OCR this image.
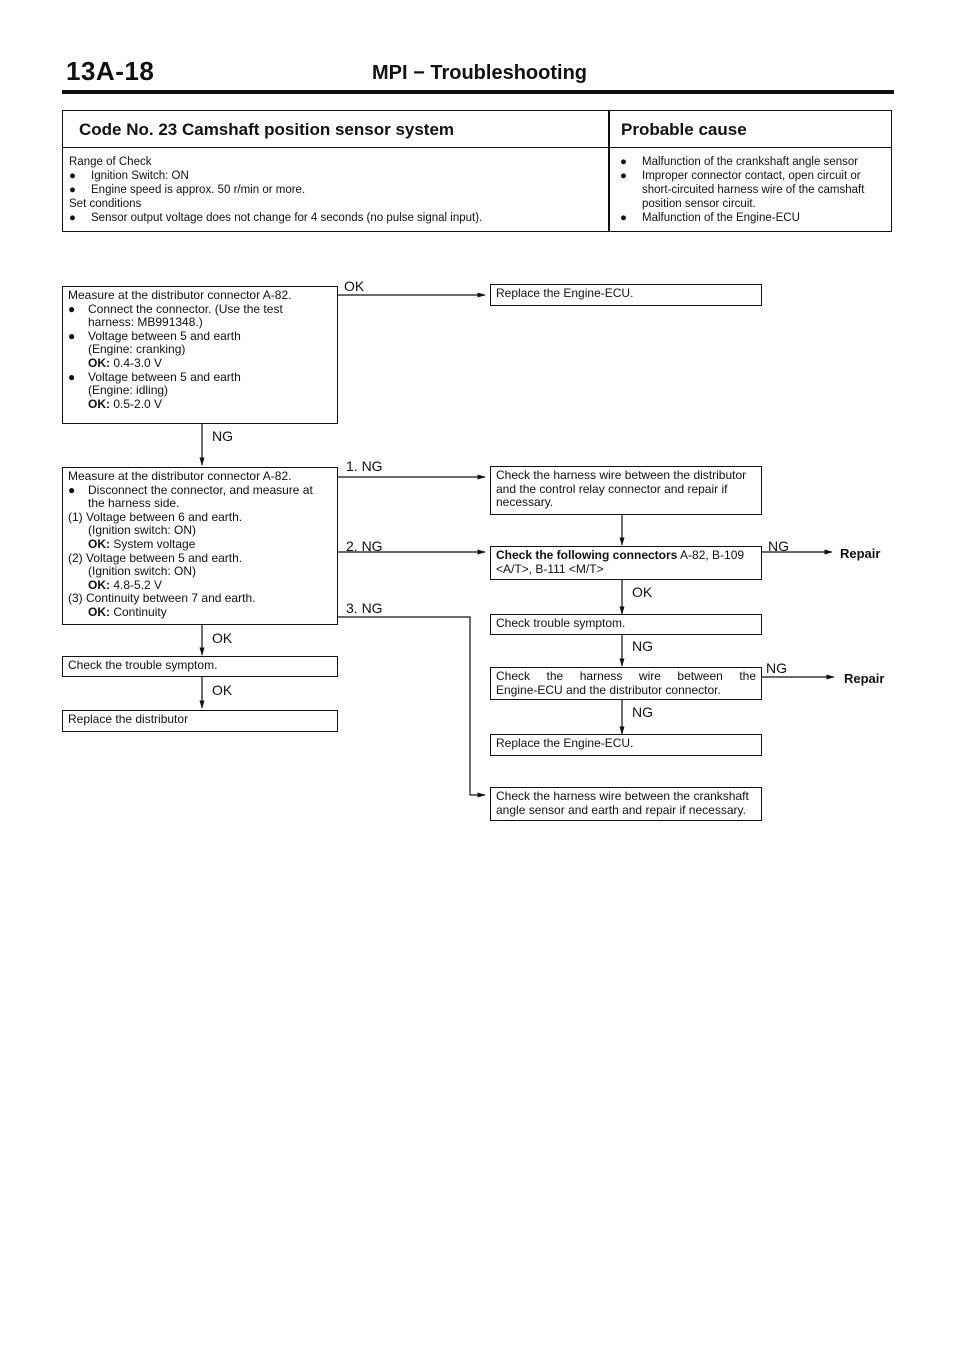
13A-18	MPI − Troubleshooting
Code No. 23 Camshaft position sensor system	Probable cause
Range of Check
● Ignition Switch: ON
● Engine speed is approx. 50 r/min or more.
Set conditions
● Sensor output voltage does not change for 4 seconds (no pulse signal input).
●	Malfunction of the crankshaft angle sensor
●	Improper connector contact, open circuit or short-circuited harness wire of the camshaft position sensor circuit.
●	Malfunction of the Engine-ECU
Measure at the distributor connector A-82.
● Connect the connector. (Use the test
harness: MB991348.)
● Voltage between 5 and earth
(Engine: cranking)
OK: 0.4-3.0 V
● Voltage between 5 and earth
(Engine: idling)
OK: 0.5-2.0 V
OK	Replace the Engine-ECU.
NG
Measure at the distributor connector A-82.
● Disconnect the connector, and measure at
the harness side.
(1) Voltage between 6 and earth.
(Ignition switch: ON)
OK: System voltage
(2) Voltage between 5 and earth.
(Ignition switch: ON)
OK: 4.8-5.2 V
(3) Continuity between 7 and earth.
OK: Continuity
1. NG
2. NG
3. NG
Check the harness wire between the distributor
and the control relay connector and repair if
necessary.
Check the following connectors A-82, B-109
<A/T>, B-111 <M/T>
NG	Repair
OK
Check trouble symptom.
NG
Check the harness wire between the
Engine-ECU and the distributor connector.
NG
Repair
NG
Replace the Engine-ECU.
Check the harness wire between the crankshaft
angle sensor and earth and repair if necessary.
OK
Check the trouble symptom.
OK
Replace the distributor
